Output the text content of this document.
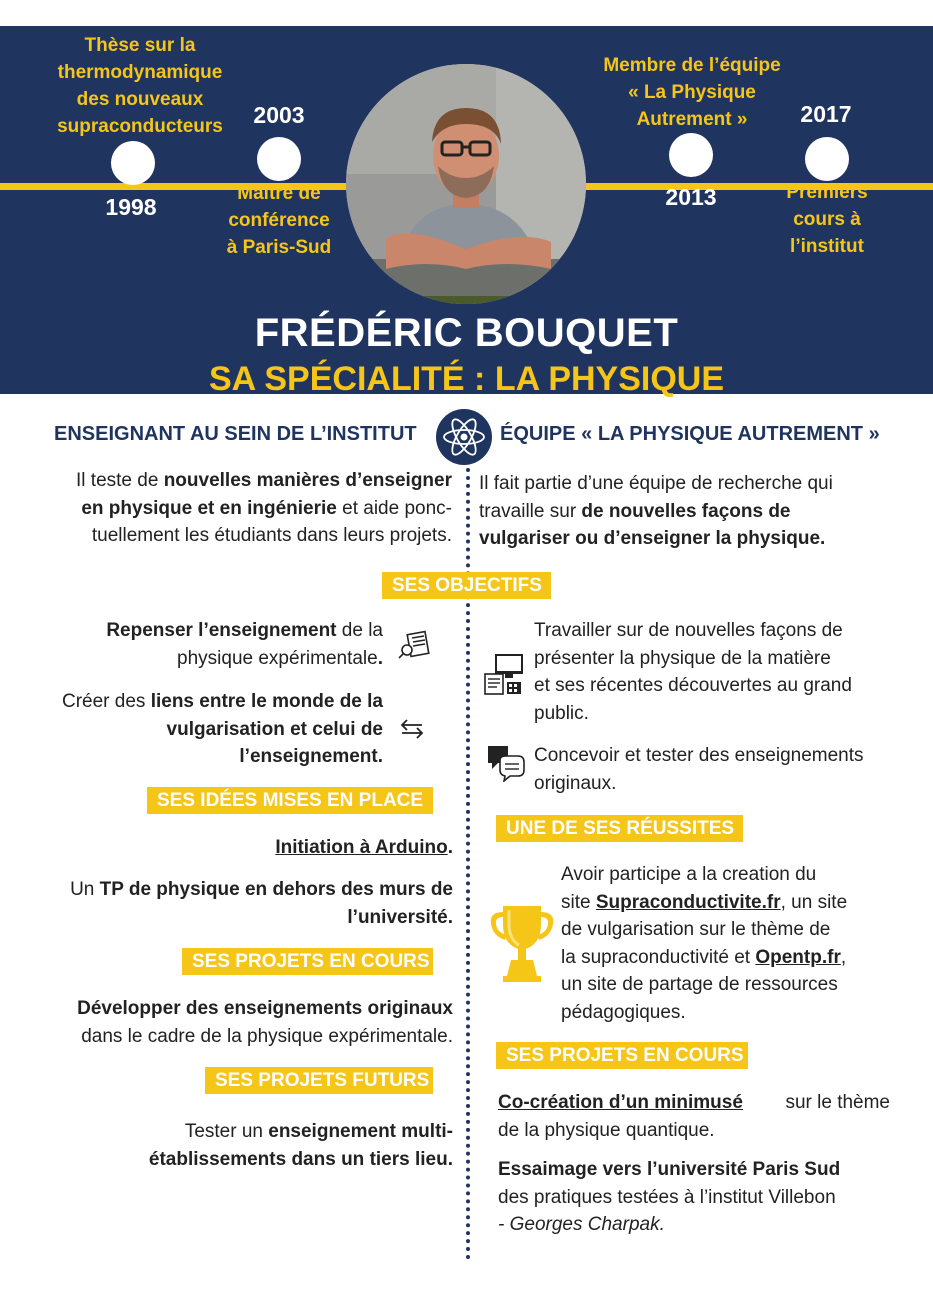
Thèse sur la
thermodynamique
des nouveaux
supraconducteurs
1998
2003
Maitre de
conférence
à Paris-Sud
Membre de l’équipe
« La Physique
Autrement »
2013
2017
Premiers
cours à
l’institut
FRÉDÉRIC BOUQUET
SA SPÉCIALITÉ : LA PHYSIQUE
ENSEIGNANT AU SEIN DE L’INSTITUT	ÉQUIPE « LA PHYSIQUE AUTREMENT »
Il teste de nouvelles manières d’enseigner
en physique et en ingénierie et aide ponc-
tuellement les étudiants dans leurs projets.
Il fait partie d’une équipe de recherche qui
travaille sur de nouvelles façons de
vulgariser ou d’enseigner la physique.
SES OBJECTIFS
Repenser l’enseignement de la
physique expérimentale.
Créer des liens entre le monde de la
vulgarisation et celui de
l’enseignement.
Travailler sur de nouvelles façons de
présenter la physique de la matière
et ses récentes découvertes au grand
public.
Concevoir et tester des enseignements
originaux.
SES IDÉES MISES EN PLACE
Initiation à Arduino.
Un TP de physique en dehors des murs de
l’université.
SES PROJETS EN COURS
Développer des enseignements originaux
dans le cadre de la physique expérimentale.
SES PROJETS FUTURS
Tester un enseignement multi-
établissements dans un tiers lieu.
UNE DE SES RÉUSSITES
Avoir participe a la creation du
site Supraconductivite.fr, un site
de vulgarisation sur le thème de
la supraconductivité et Opentp.fr,
un site de partage de ressources
pédagogiques.
SES PROJETS EN COURS
Co-création d’un minimusé sur le thème
de la physique quantique.
Essaimage vers l’université Paris Sud
des pratiques testées à l’institut Villebon
- Georges Charpak.
